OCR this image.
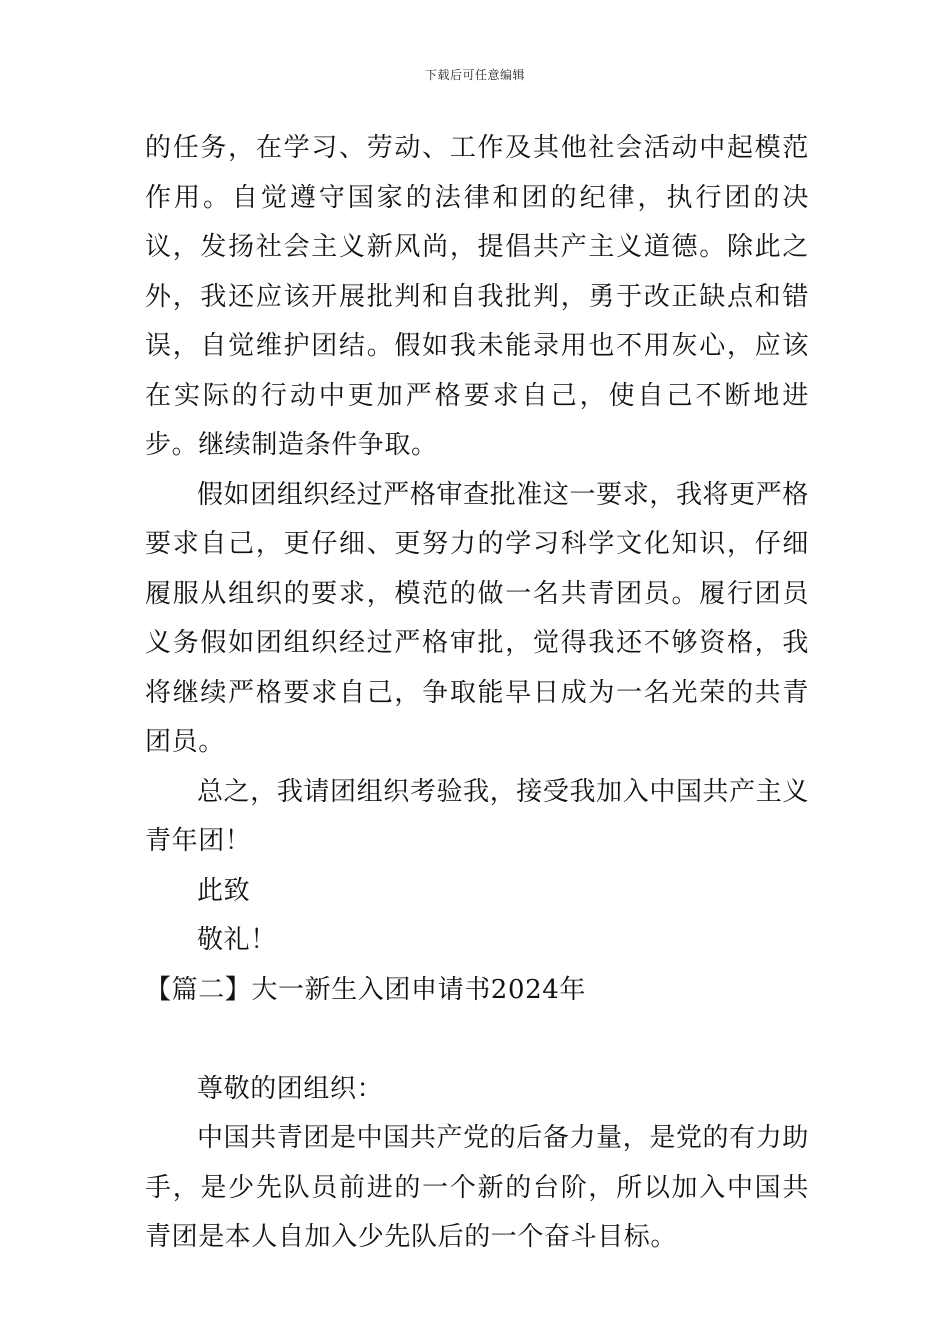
下载后可任意编辑

的任务，在学习、劳动、工作及其他社会活动中起模范作用。自觉遵守国家的法律和团的纪律，执行团的决议，发扬社会主义新风尚，提倡共产主义道德。除此之外，我还应该开展批判和自我批判，勇于改正缺点和错误，自觉维护团结。假如我未能录用也不用灰心，应该在实际的行动中更加严格要求自己，使自己不断地进步。继续制造条件争取。

假如团组织经过严格审查批准这一要求，我将更严格要求自己，更仔细、更努力的学习科学文化知识，仔细履服从组织的要求，模范的做一名共青团员。履行团员义务假如团组织经过严格审批，觉得我还不够资格，我将继续严格要求自己，争取能早日成为一名光荣的共青团员。

总之，我请团组织考验我，接受我加入中国共产主义青年团！

此致

敬礼！

【篇二】大一新生入团申请书2024年

尊敬的团组织：

中国共青团是中国共产党的后备力量，是党的有力助手，是少先队员前进的一个新的台阶，所以加入中国共青团是本人自加入少先队后的一个奋斗目标。
